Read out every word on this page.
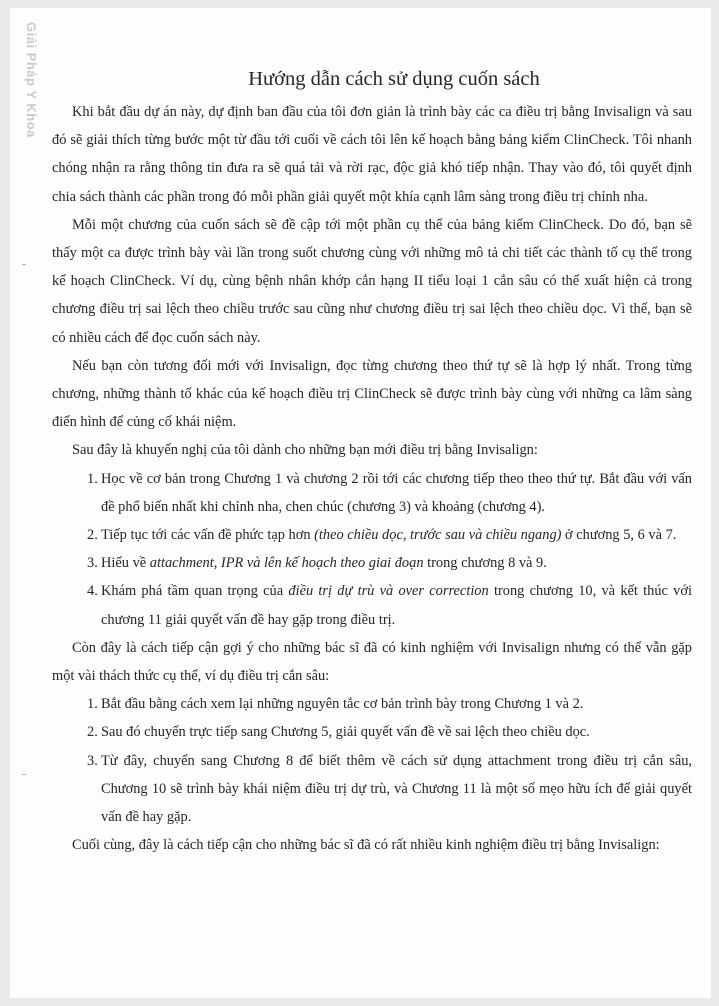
Giải Pháp Y Khoa	Hướng dẫn cách sử dụng cuốn sách

Khi bắt đầu dự án này, dự định ban đầu của tôi đơn giản là trình bày các ca điều trị bằng Invisalign và sau đó sẽ giải thích từng bước một từ đầu tới cuối về cách tôi lên kế hoạch bằng bảng kiểm ClinCheck. Tôi nhanh chóng nhận ra rằng thông tin đưa ra sẽ quá tải và rời rạc, độc giả khó tiếp nhận. Thay vào đó, tôi quyết định chia sách thành các phần trong đó mỗi phần giải quyết một khía cạnh lâm sàng trong điều trị chỉnh nha.

Mỗi một chương của cuốn sách sẽ đề cập tới một phần cụ thể của bảng kiểm ClinCheck. Do đó, bạn sẽ thấy một ca được trình bày vài lần trong suốt chương cùng với những mô tả chi tiết các thành tố cụ thể trong kế hoạch ClinCheck. Ví dụ, cùng bệnh nhân khớp cắn hạng II tiểu loại 1 cắn sâu có thể xuất hiện cả trong chương điều trị sai lệch theo chiều trước sau cũng như chương điều trị sai lệch theo chiều dọc. Vì thế, bạn sẽ có nhiều cách để đọc cuốn sách này.

Nếu bạn còn tương đối mới với Invisalign, đọc từng chương theo thứ tự sẽ là hợp lý nhất. Trong từng chương, những thành tố khác của kế hoạch điều trị ClinCheck sẽ được trình bày cùng với những ca lâm sàng điển hình để củng cố khái niệm.

Sau đây là khuyến nghị của tôi dành cho những bạn mới điều trị bằng Invisalign:

1. Học về cơ bản trong Chương 1 và chương 2 rồi tới các chương tiếp theo theo thứ tự. Bắt đầu với vấn đề phổ biến nhất khi chỉnh nha, chen chúc (chương 3) và khoảng (chương 4).
2. Tiếp tục tới các vấn đề phức tạp hơn (theo chiều dọc, trước sau và chiều ngang) ở chương 5, 6 và 7.
3. Hiểu về attachment, IPR và lên kế hoạch theo giai đoạn trong chương 8 và 9.
4. Khám phá tầm quan trọng của điều trị dự trù và over correction trong chương 10, và kết thúc với chương 11 giải quyết vấn đề hay gặp trong điều trị.

Còn đây là cách tiếp cận gợi ý cho những bác sĩ đã có kinh nghiệm với Invisalign nhưng có thể vẫn gặp một vài thách thức cụ thể, ví dụ điều trị cắn sâu:

1. Bắt đầu bằng cách xem lại những nguyên tắc cơ bản trình bày trong Chương 1 và 2.
2. Sau đó chuyển trực tiếp sang Chương 5, giải quyết vấn đề về sai lệch theo chiều dọc.
3. Từ đây, chuyển sang Chương 8 để biết thêm về cách sử dụng attachment trong điều trị cắn sâu, Chương 10 sẽ trình bày khái niệm điều trị dự trù, và Chương 11 là một số mẹo hữu ích để giải quyết vấn đề hay gặp.

Cuối cùng, đây là cách tiếp cận cho những bác sĩ đã có rất nhiều kinh nghiệm điều trị bằng Invisalign:
